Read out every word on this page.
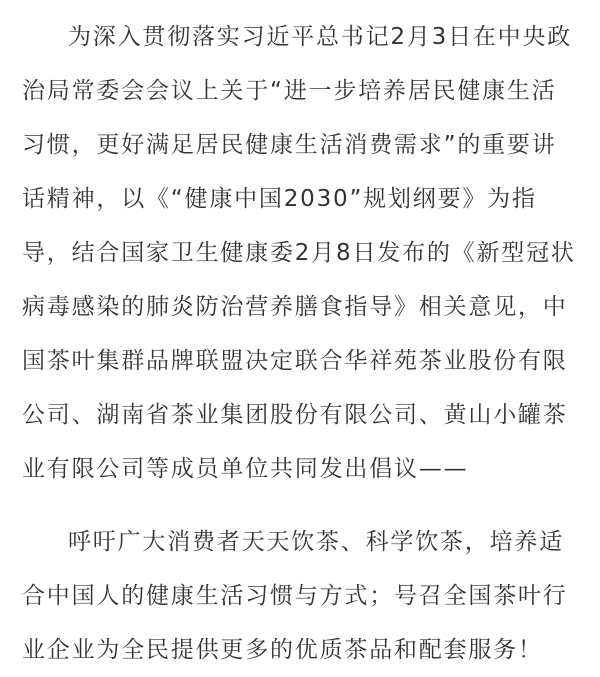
为深入贯彻落实习近平总书记2月3日在中央政
治局常委会会议上关于“进一步培养居民健康生活
习惯，更好满足居民健康生活消费需求”的重要讲
话精神，以《“健康中国2030”规划纲要》为指
导，结合国家卫生健康委2月8日发布的《新型冠状
病毒感染的肺炎防治营养膳食指导》相关意见，中
国茶叶集群品牌联盟决定联合华祥苑茶业股份有限
公司、湖南省茶业集团股份有限公司、黄山小罐茶
业有限公司等成员单位共同发出倡议——
呼吁广大消费者天天饮茶、科学饮茶，培养适
合中国人的健康生活习惯与方式；号召全国茶叶行
业企业为全民提供更多的优质茶品和配套服务！
